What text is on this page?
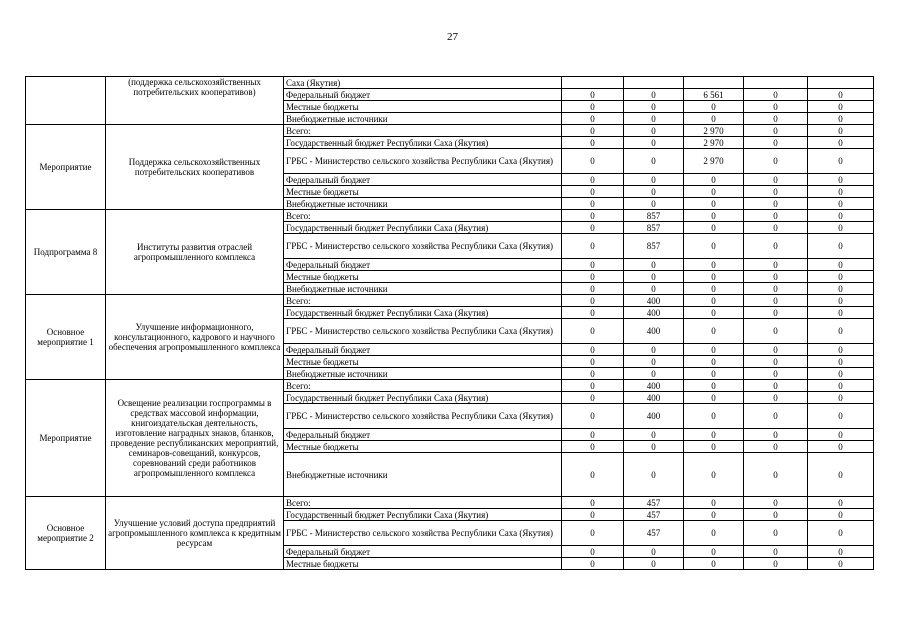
27
	(поддержка сельскохозяйственных потребительских кооперативов)	Саха (Якутия)					
		Федеральный бюджет	0	0	6 561	0	0
		Местные бюджеты	0	0	0	0	0
		Внебюджетные источники	0	0	0	0	0
Мероприятие	Поддержка сельскохозяйственных потребительских кооперативов	Всего:	0	0	2 970	0	0
		Государственный бюджет Республики Саха (Якутия)	0	0	2 970	0	0
		ГРБС - Министерство сельского хозяйства Республики Саха (Якутия)	0	0	2 970	0	0
		Федеральный бюджет	0	0	0	0	0
		Местные бюджеты	0	0	0	0	0
		Внебюджетные источники	0	0	0	0	0
Подпрограмма 8	Институты развития отраслей агропромышленного комплекса	Всего:	0	857	0	0	0
		Государственный бюджет Республики Саха (Якутия)	0	857	0	0	0
		ГРБС - Министерство сельского хозяйства Республики Саха (Якутия)	0	857	0	0	0
		Федеральный бюджет	0	0	0	0	0
		Местные бюджеты	0	0	0	0	0
		Внебюджетные источники	0	0	0	0	0
Основное мероприятие 1	Улучшение информационного, консультационного, кадрового и научного обеспечения агропромышленного комплекса	Всего:	0	400	0	0	0
		Государственный бюджет Республики Саха (Якутия)	0	400	0	0	0
		ГРБС - Министерство сельского хозяйства Республики Саха (Якутия)	0	400	0	0	0
		Федеральный бюджет	0	0	0	0	0
		Местные бюджеты	0	0	0	0	0
		Внебюджетные источники	0	0	0	0	0
Мероприятие	Освещение реализации госпрограммы в средствах массовой информации, книгоиздательская деятельность, изготовление наградных знаков, бланков, проведение республиканских мероприятий, семинаров-совещаний, конкурсов, соревнований среди работников агропромышленного комплекса	Всего:	0	400	0	0	0
		Государственный бюджет Республики Саха (Якутия)	0	400	0	0	0
		ГРБС - Министерство сельского хозяйства Республики Саха (Якутия)	0	400	0	0	0
		Федеральный бюджет	0	0	0	0	0
		Местные бюджеты	0	0	0	0	0
		Внебюджетные источники	0	0	0	0	0
Основное мероприятие 2	Улучшение условий доступа предприятий агропромышленного комплекса к кредитным ресурсам	Всего:	0	457	0	0	0
		Государственный бюджет Республики Саха (Якутия)	0	457	0	0	0
		ГРБС - Министерство сельского хозяйства Республики Саха (Якутия)	0	457	0	0	0
		Федеральный бюджет	0	0	0	0	0
		Местные бюджеты	0	0	0	0	0
